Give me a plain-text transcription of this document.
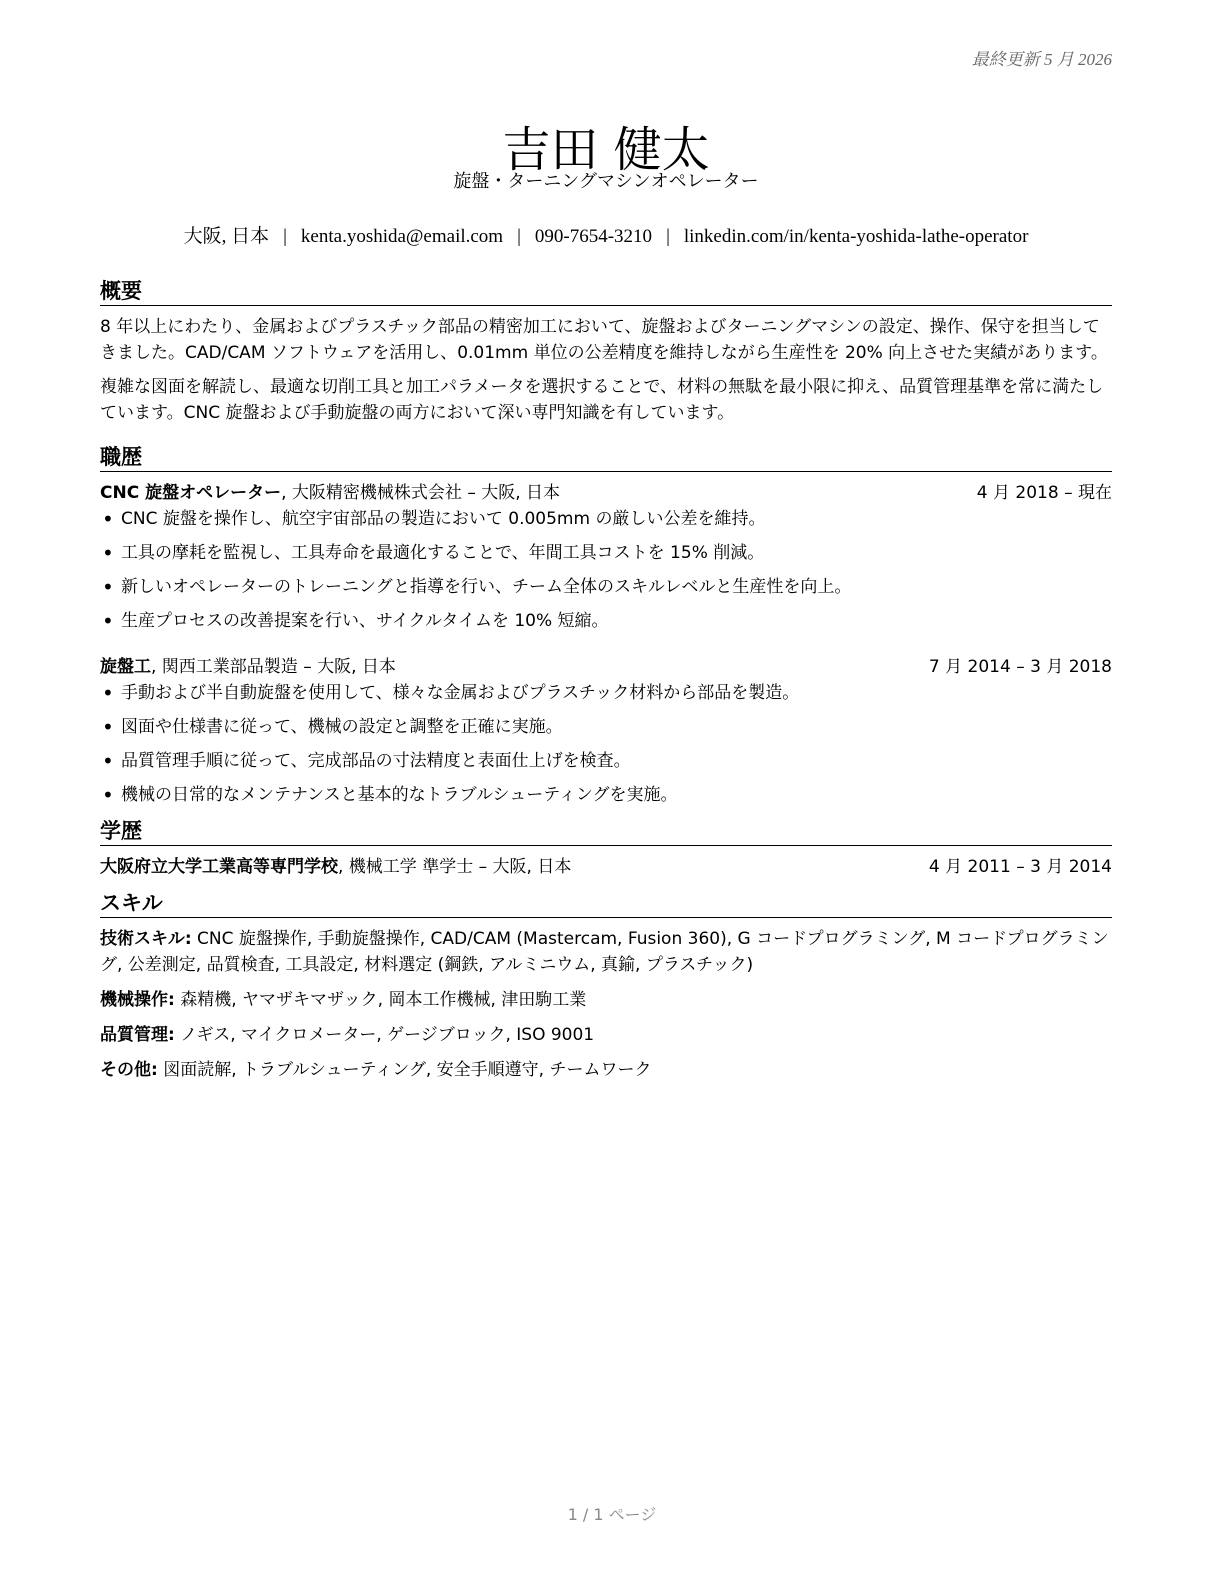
最終更新 5 月 2026
吉田 健太
旋盤・ターニングマシンオペレーター
大阪, 日本 | kenta.yoshida@email.com | 090-7654-3210 | linkedin.com/in/kenta-yoshida-lathe-operator
概要

8 年以上にわたり、金属およびプラスチック部品の精密加工において、旋盤およびターニングマシンの設定、操作、保守を担当してきました。CAD/CAM ソフトウェアを活用し、0.01mm 単位の公差精度を維持しながら生産性を 20% 向上させた実績があります。

複雑な図面を解読し、最適な切削工具と加工パラメータを選択することで、材料の無駄を最小限に抑え、品質管理基準を常に満たしています。CNC 旋盤および手動旋盤の両方において深い専門知識を有しています。

職歴
CNC 旋盤オペレーター, 大阪精密機械株式会社 – 大阪, 日本	4 月 2018 – 現在
• CNC 旋盤を操作し、航空宇宙部品の製造において 0.005mm の厳しい公差を維持。
• 工具の摩耗を監視し、工具寿命を最適化することで、年間工具コストを 15% 削減。
• 新しいオペレーターのトレーニングと指導を行い、チーム全体のスキルレベルと生産性を向上。
• 生産プロセスの改善提案を行い、サイクルタイムを 10% 短縮。
旋盤工, 関西工業部品製造 – 大阪, 日本	7 月 2014 – 3 月 2018
• 手動および半自動旋盤を使用して、様々な金属およびプラスチック材料から部品を製造。
• 図面や仕様書に従って、機械の設定と調整を正確に実施。
• 品質管理手順に従って、完成部品の寸法精度と表面仕上げを検査。
• 機械の日常的なメンテナンスと基本的なトラブルシューティングを実施。
学歴
大阪府立大学工業高等専門学校, 機械工学 準学士 – 大阪, 日本	4 月 2011 – 3 月 2014
スキル

技術スキル: CNC 旋盤操作, 手動旋盤操作, CAD/CAM (Mastercam, Fusion 360), G コードプログラミング, M コードプログラミング, 公差測定, 品質検査, 工具設定, 材料選定 (鋼鉄, アルミニウム, 真鍮, プラスチック)

機械操作: 森精機, ヤマザキマザック, 岡本工作機械, 津田駒工業

品質管理: ノギス, マイクロメーター, ゲージブロック, ISO 9001

その他: 図面読解, トラブルシューティング, 安全手順遵守, チームワーク

1 / 1 ページ
